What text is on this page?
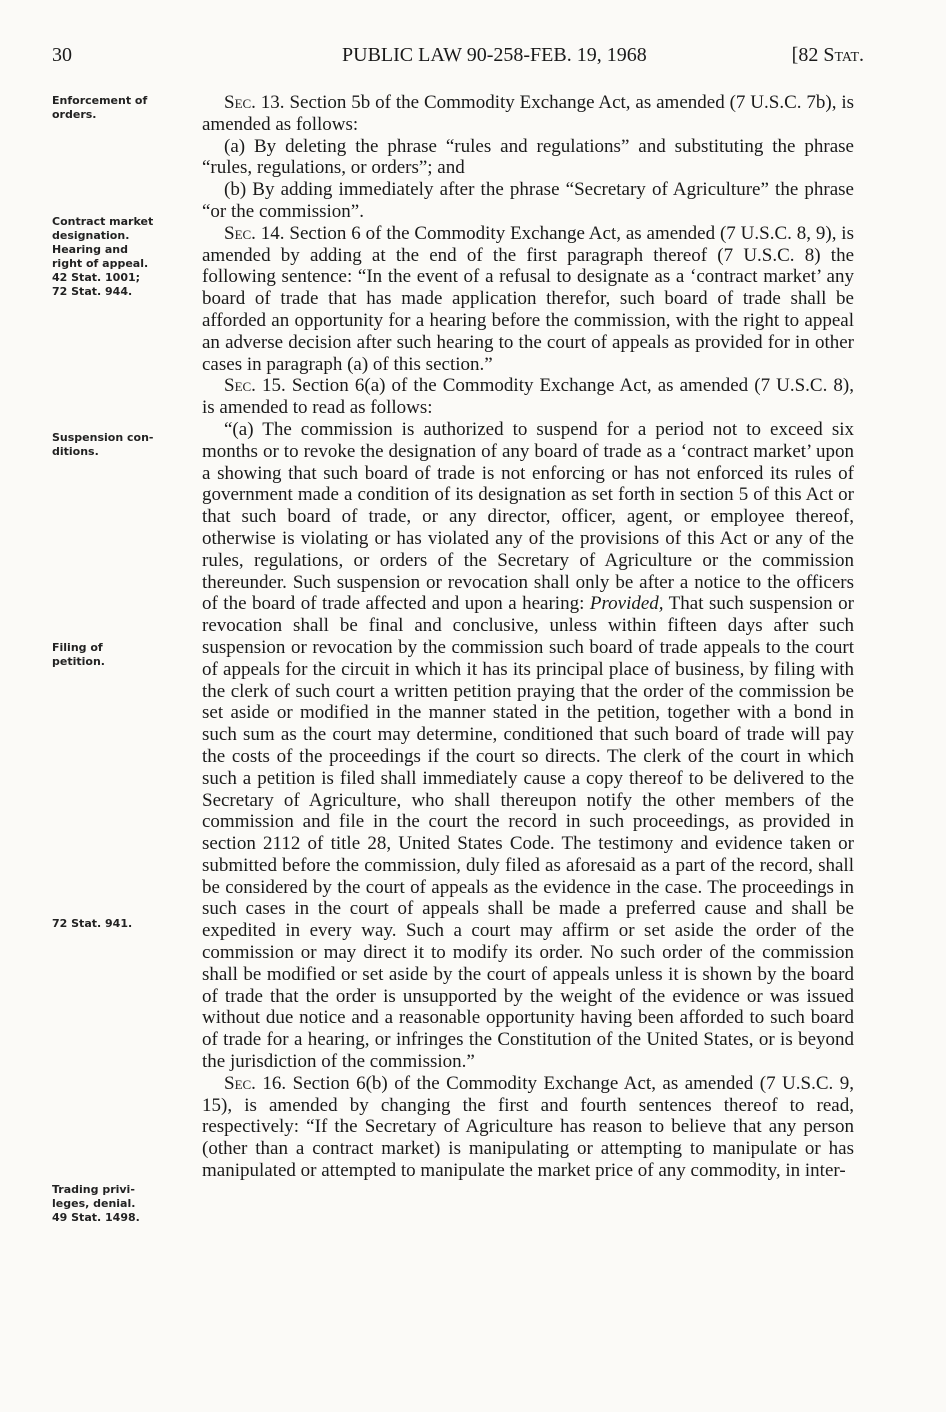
30	PUBLIC LAW 90-258-FEB. 19, 1968	[82 Stat.
Enforcement of
orders.
Contract market
designation.
Hearing and
right of appeal.
42 Stat. 1001;
72 Stat. 944.
Suspension con-
ditions.
Filing of
petition.
72 Stat. 941.
Trading privi-
leges, denial.
49 Stat. 1498.

Sec. 13. Section 5b of the Commodity Exchange Act, as amended (7 U.S.C. 7b), is amended as follows:

(a) By deleting the phrase “rules and regulations” and substituting the phrase “rules, regulations, or orders”; and

(b) By adding immediately after the phrase “Secretary of Agriculture” the phrase “or the commission”.

Sec. 14. Section 6 of the Commodity Exchange Act, as amended (7 U.S.C. 8, 9), is amended by adding at the end of the first paragraph thereof (7 U.S.C. 8) the following sentence: “In the event of a refusal to designate as a ‘contract market’ any board of trade that has made application therefor, such board of trade shall be afforded an opportunity for a hearing before the commission, with the right to appeal an adverse decision after such hearing to the court of appeals as provided for in other cases in paragraph (a) of this section.”

Sec. 15. Section 6(a) of the Commodity Exchange Act, as amended (7 U.S.C. 8), is amended to read as follows:

“(a) The commission is authorized to suspend for a period not to exceed six months or to revoke the designation of any board of trade as a ‘contract market’ upon a showing that such board of trade is not enforcing or has not enforced its rules of government made a condition of its designation as set forth in section 5 of this Act or that such board of trade, or any director, officer, agent, or employee thereof, otherwise is violating or has violated any of the provisions of this Act or any of the rules, regulations, or orders of the Secretary of Agriculture or the commission thereunder. Such suspension or revocation shall only be after a notice to the officers of the board of trade affected and upon a hearing: Provided, That such suspension or revocation shall be final and conclusive, unless within fifteen days after such suspension or revocation by the commission such board of trade appeals to the court of appeals for the circuit in which it has its principal place of business, by filing with the clerk of such court a written petition praying that the order of the commission be set aside or modified in the manner stated in the petition, together with a bond in such sum as the court may determine, conditioned that such board of trade will pay the costs of the proceedings if the court so directs. The clerk of the court in which such a petition is filed shall immediately cause a copy thereof to be delivered to the Secretary of Agriculture, who shall thereupon notify the other members of the commission and file in the court the record in such proceedings, as provided in section 2112 of title 28, United States Code. The testimony and evidence taken or submitted before the commission, duly filed as aforesaid as a part of the record, shall be considered by the court of appeals as the evidence in the case. The proceedings in such cases in the court of appeals shall be made a preferred cause and shall be expedited in every way. Such a court may affirm or set aside the order of the commission or may direct it to modify its order. No such order of the commission shall be modified or set aside by the court of appeals unless it is shown by the board of trade that the order is unsupported by the weight of the evidence or was issued without due notice and a reasonable opportunity having been afforded to such board of trade for a hearing, or infringes the Constitution of the United States, or is beyond the jurisdiction of the commission.”

Sec. 16. Section 6(b) of the Commodity Exchange Act, as amended (7 U.S.C. 9, 15), is amended by changing the first and fourth sentences thereof to read, respectively: “If the Secretary of Agriculture has reason to believe that any person (other than a contract market) is manipulating or attempting to manipulate or has manipulated or attempted to manipulate the market price of any commodity, in inter-
